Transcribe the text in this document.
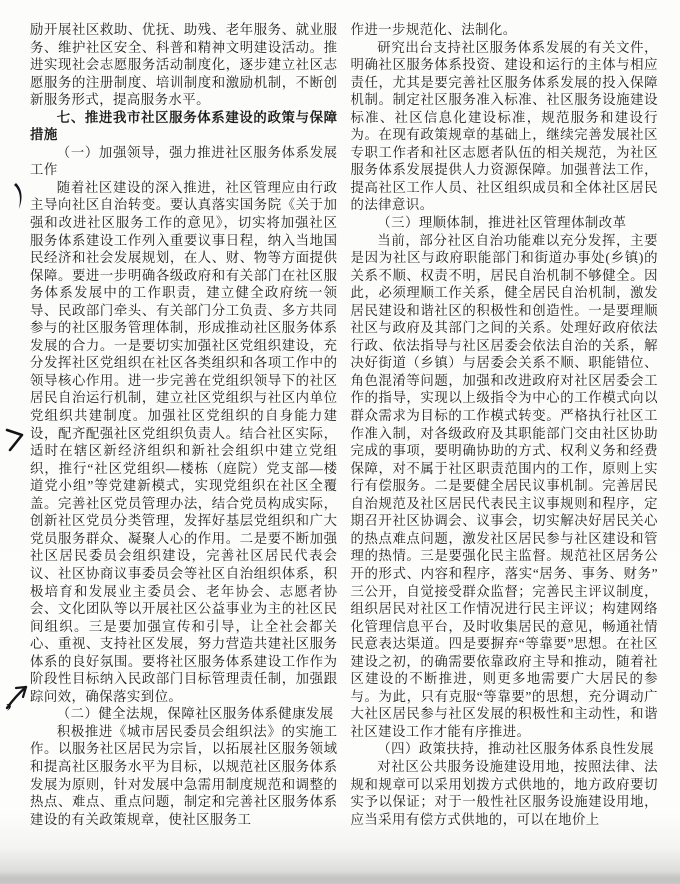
励开展社区救助、优抚、助残、老年服务、就业服务、维护社区安全、科普和精神文明建设活动。推进实现社会志愿服务活动制度化，逐步建立社区志愿服务的注册制度、培训制度和激励机制，不断创新服务形式，提高服务水平。

七、推进我市社区服务体系建设的政策与保障措施

（一）加强领导，强力推进社区服务体系发展工作

随着社区建设的深入推进，社区管理应由行政主导向社区自治转变。要认真落实国务院《关于加强和改进社区服务工作的意见》，切实将加强社区服务体系建设工作列入重要议事日程，纳入当地国民经济和社会发展规划，在人、财、物等方面提供保障。要进一步明确各级政府和有关部门在社区服务体系发展中的工作职责，建立健全政府统一领导、民政部门牵头、有关部门分工负责、多方共同参与的社区服务管理体制，形成推动社区服务体系发展的合力。一是要切实加强社区党组织建设，充分发挥社区党组织在社区各类组织和各项工作中的领导核心作用。进一步完善在党组织领导下的社区居民自治运行机制，建立社区党组织与社区内单位党组织共建制度。加强社区党组织的自身能力建设，配齐配强社区党组织负责人。结合社区实际，适时在辖区新经济组织和新社会组织中建立党组织，推行“社区党组织—楼栋（庭院）党支部—楼道党小组”等党建新模式，实现党组织在社区全覆盖。完善社区党员管理办法，结合党员构成实际，创新社区党员分类管理，发挥好基层党组织和广大党员服务群众、凝聚人心的作用。二是要不断加强社区居民委员会组织建设，完善社区居民代表会议、社区协商议事委员会等社区自治组织体系，积极培育和发展业主委员会、老年协会、志愿者协会、文化团队等以开展社区公益事业为主的社区民间组织。三是要加强宣传和引导，让全社会都关心、重视、支持社区发展，努力营造共建社区服务体系的良好氛围。要将社区服务体系建设工作作为阶段性目标纳入民政部门目标管理责任制，加强跟踪问效，确保落实到位。

（二）健全法规，保障社区服务体系健康发展

积极推进《城市居民委员会组织法》的实施工作。以服务社区居民为宗旨，以拓展社区服务领域和提高社区服务水平为目标，以规范社区服务体系发展为原则，针对发展中急需用制度规范和调整的热点、难点、重点问题，制定和完善社区服务体系建设的有关政策规章，使社区服务工

作进一步规范化、法制化。

研究出台支持社区服务体系发展的有关文件，明确社区服务体系投资、建设和运行的主体与相应责任，尤其是要完善社区服务体系发展的投入保障机制。制定社区服务准入标准、社区服务设施建设标准、社区信息化建设标准，规范服务和建设行为。在现有政策规章的基础上，继续完善发展社区专职工作者和社区志愿者队伍的相关规范，为社区服务体系发展提供人力资源保障。加强普法工作，提高社区工作人员、社区组织成员和全体社区居民的法律意识。

（三）理顺体制，推进社区管理体制改革

当前，部分社区自治功能难以充分发挥，主要是因为社区与政府职能部门和街道办事处(乡镇)的关系不顺、权责不明，居民自治机制不够健全。因此，必须理顺工作关系，健全居民自治机制，激发居民建设和谐社区的积极性和创造性。一是要理顺社区与政府及其部门之间的关系。处理好政府依法行政、依法指导与社区居委会依法自治的关系，解决好街道（乡镇）与居委会关系不顺、职能错位、角色混淆等问题，加强和改进政府对社区居委会工作的指导，实现以上级指令为中心的工作模式向以群众需求为目标的工作模式转变。严格执行社区工作准入制，对各级政府及其职能部门交由社区协助完成的事项，要明确协助的方式、权利义务和经费保障，对不属于社区职责范围内的工作，原则上实行有偿服务。二是要健全居民议事机制。完善居民自治规范及社区居民代表民主议事规则和程序，定期召开社区协调会、议事会，切实解决好居民关心的热点难点问题，激发社区居民参与社区建设和管理的热情。三是要强化民主监督。规范社区居务公开的形式、内容和程序，落实“居务、事务、财务”三公开，自觉接受群众监督；完善民主评议制度，组织居民对社区工作情况进行民主评议；构建网络化管理信息平台，及时收集居民的意见，畅通社情民意表达渠道。四是要摒弃“等靠要”思想。在社区建设之初，的确需要依靠政府主导和推动，随着社区建设的不断推进，则更多地需要广大居民的参与。为此，只有克服“等靠要”的思想，充分调动广大社区居民参与社区发展的积极性和主动性，和谐社区建设工作才能有序推进。

（四）政策扶持，推动社区服务体系良性发展

对社区公共服务设施建设用地，按照法律、法规和规章可以采用划拨方式供地的，地方政府要切实予以保证；对于一般性社区服务设施建设用地，应当采用有偿方式供地的，可以在地价上
